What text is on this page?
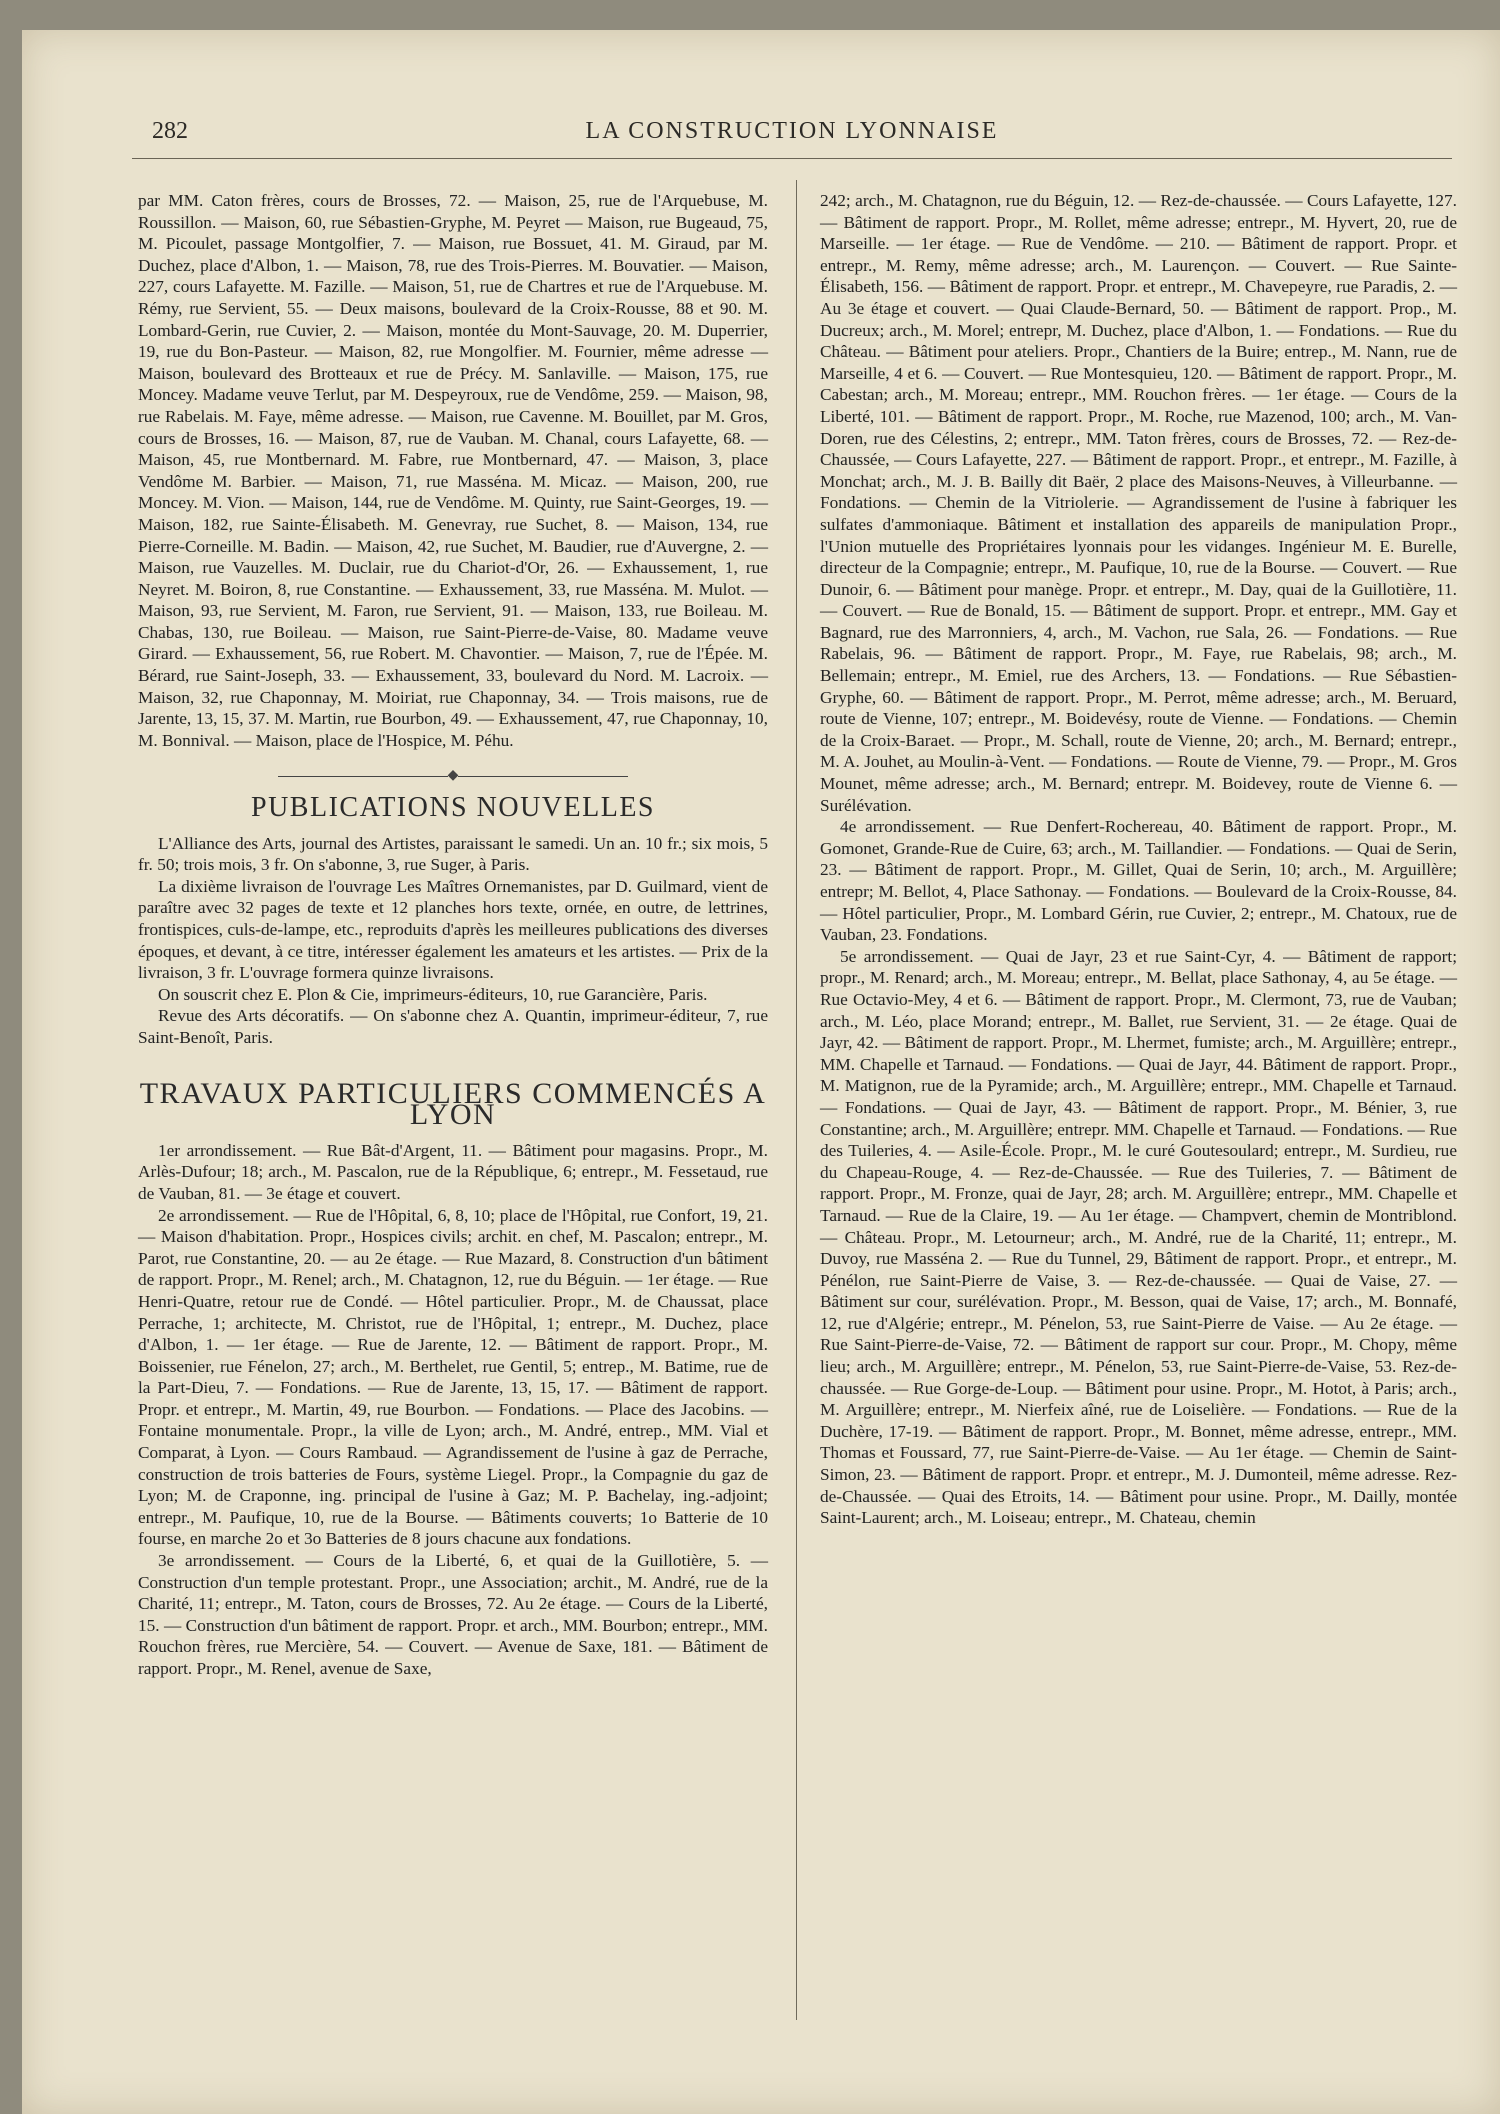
282	LA CONSTRUCTION LYONNAISE

par MM. Caton frères, cours de Brosses, 72. — Maison, 25, rue de l'Arquebuse, M. Roussillon. — Maison, 60, rue Sébastien-Gryphe, M. Peyret — Maison, rue Bugeaud, 75, M. Picoulet, passage Montgolfier, 7. — Maison, rue Bossuet, 41. M. Giraud, par M. Duchez, place d'Albon, 1. — Maison, 78, rue des Trois-Pierres. M. Bouvatier. — Maison, 227, cours Lafayette. M. Fazille. — Maison, 51, rue de Chartres et rue de l'Arquebuse. M. Rémy, rue Servient, 55. — Deux maisons, boulevard de la Croix-Rousse, 88 et 90. M. Lombard-Gerin, rue Cuvier, 2. — Maison, montée du Mont-Sauvage, 20. M. Duperrier, 19, rue du Bon-Pasteur. — Maison, 82, rue Mongolfier. M. Fournier, même adresse — Maison, boulevard des Brotteaux et rue de Précy. M. Sanlaville. — Maison, 175, rue Moncey. Madame veuve Terlut, par M. Despeyroux, rue de Vendôme, 259. — Maison, 98, rue Rabelais. M. Faye, même adresse. — Maison, rue Cavenne. M. Bouillet, par M. Gros, cours de Brosses, 16. — Maison, 87, rue de Vauban. M. Chanal, cours Lafayette, 68. — Maison, 45, rue Montbernard. M. Fabre, rue Montbernard, 47. — Maison, 3, place Vendôme M. Barbier. — Maison, 71, rue Masséna. M. Micaz. — Maison, 200, rue Moncey. M. Vion. — Maison, 144, rue de Vendôme. M. Quinty, rue Saint-Georges, 19. — Maison, 182, rue Sainte-Élisabeth. M. Genevray, rue Suchet, 8. — Maison, 134, rue Pierre-Corneille. M. Badin. — Maison, 42, rue Suchet, M. Baudier, rue d'Auvergne, 2. — Maison, rue Vauzelles. M. Duclair, rue du Chariot-d'Or, 26. — Exhaussement, 1, rue Neyret. M. Boiron, 8, rue Constantine. — Exhaussement, 33, rue Masséna. M. Mulot. — Maison, 93, rue Servient, M. Faron, rue Servient, 91. — Maison, 133, rue Boileau. M. Chabas, 130, rue Boileau. — Maison, rue Saint-Pierre-de-Vaise, 80. Madame veuve Girard. — Exhaussement, 56, rue Robert. M. Chavontier. — Maison, 7, rue de l'Épée. M. Bérard, rue Saint-Joseph, 33. — Exhaussement, 33, boulevard du Nord. M. Lacroix. — Maison, 32, rue Chaponnay, M. Moiriat, rue Chaponnay, 34. — Trois maisons, rue de Jarente, 13, 15, 37. M. Martin, rue Bourbon, 49. — Exhaussement, 47, rue Chaponnay, 10, M. Bonnival. — Maison, place de l'Hospice, M. Péhu.

◆
PUBLICATIONS NOUVELLES

L'Alliance des Arts, journal des Artistes, paraissant le samedi. Un an. 10 fr.; six mois, 5 fr. 50; trois mois, 3 fr. On s'abonne, 3, rue Suger, à Paris.

La dixième livraison de l'ouvrage Les Maîtres Ornemanistes, par D. Guilmard, vient de paraître avec 32 pages de texte et 12 planches hors texte, ornée, en outre, de lettrines, frontispices, culs-de-lampe, etc., reproduits d'après les meilleures publications des diverses époques, et devant, à ce titre, intéresser également les amateurs et les artistes. — Prix de la livraison, 3 fr. L'ouvrage formera quinze livraisons.

On souscrit chez E. Plon & Cie, imprimeurs-éditeurs, 10, rue Garancière, Paris.

Revue des Arts décoratifs. — On s'abonne chez A. Quantin, imprimeur-éditeur, 7, rue Saint-Benoît, Paris.

TRAVAUX PARTICULIERS COMMENCÉS A LYON

1er arrondissement. — Rue Bât-d'Argent, 11. — Bâtiment pour magasins. Propr., M. Arlès-Dufour; 18; arch., M. Pascalon, rue de la République, 6; entrepr., M. Fessetaud, rue de Vauban, 81. — 3e étage et couvert.

2e arrondissement. — Rue de l'Hôpital, 6, 8, 10; place de l'Hôpital, rue Confort, 19, 21. — Maison d'habitation. Propr., Hospices civils; archit. en chef, M. Pascalon; entrepr., M. Parot, rue Constantine, 20. — au 2e étage. — Rue Mazard, 8. Construction d'un bâtiment de rapport. Propr., M. Renel; arch., M. Chatagnon, 12, rue du Béguin. — 1er étage. — Rue Henri-Quatre, retour rue de Condé. — Hôtel particulier. Propr., M. de Chaussat, place Perrache, 1; architecte, M. Christot, rue de l'Hôpital, 1; entrepr., M. Duchez, place d'Albon, 1. — 1er étage. — Rue de Jarente, 12. — Bâtiment de rapport. Propr., M. Boissenier, rue Fénelon, 27; arch., M. Berthelet, rue Gentil, 5; entrep., M. Batime, rue de la Part-Dieu, 7. — Fondations. — Rue de Jarente, 13, 15, 17. — Bâtiment de rapport. Propr. et entrepr., M. Martin, 49, rue Bourbon. — Fondations. — Place des Jacobins. — Fontaine monumentale. Propr., la ville de Lyon; arch., M. André, entrep., MM. Vial et Comparat, à Lyon. — Cours Rambaud. — Agrandissement de l'usine à gaz de Perrache, construction de trois batteries de Fours, système Liegel. Propr., la Compagnie du gaz de Lyon; M. de Craponne, ing. principal de l'usine à Gaz; M. P. Bachelay, ing.-adjoint; entrepr., M. Paufique, 10, rue de la Bourse. — Bâtiments couverts; 1o Batterie de 10 fourse, en marche 2o et 3o Batteries de 8 jours chacune aux fondations.

3e arrondissement. — Cours de la Liberté, 6, et quai de la Guillotière, 5. — Construction d'un temple protestant. Propr., une Association; archit., M. André, rue de la Charité, 11; entrepr., M. Taton, cours de Brosses, 72. Au 2e étage. — Cours de la Liberté, 15. — Construction d'un bâtiment de rapport. Propr. et arch., MM. Bourbon; entrepr., MM. Rouchon frères, rue Mercière, 54. — Couvert. — Avenue de Saxe, 181. — Bâtiment de rapport. Propr., M. Renel, avenue de Saxe,

242; arch., M. Chatagnon, rue du Béguin, 12. — Rez-de-chaussée. — Cours Lafayette, 127. — Bâtiment de rapport. Propr., M. Rollet, même adresse; entrepr., M. Hyvert, 20, rue de Marseille. — 1er étage. — Rue de Vendôme. — 210. — Bâtiment de rapport. Propr. et entrepr., M. Remy, même adresse; arch., M. Laurençon. — Couvert. — Rue Sainte-Élisabeth, 156. — Bâtiment de rapport. Propr. et entrepr., M. Chavepeyre, rue Paradis, 2. — Au 3e étage et couvert. — Quai Claude-Bernard, 50. — Bâtiment de rapport. Prop., M. Ducreux; arch., M. Morel; entrepr, M. Duchez, place d'Albon, 1. — Fondations. — Rue du Château. — Bâtiment pour ateliers. Propr., Chantiers de la Buire; entrep., M. Nann, rue de Marseille, 4 et 6. — Couvert. — Rue Montesquieu, 120. — Bâtiment de rapport. Propr., M. Cabestan; arch., M. Moreau; entrepr., MM. Rouchon frères. — 1er étage. — Cours de la Liberté, 101. — Bâtiment de rapport. Propr., M. Roche, rue Mazenod, 100; arch., M. Van-Doren, rue des Célestins, 2; entrepr., MM. Taton frères, cours de Brosses, 72. — Rez-de-Chaussée, — Cours Lafayette, 227. — Bâtiment de rapport. Propr., et entrepr., M. Fazille, à Monchat; arch., M. J. B. Bailly dit Baër, 2 place des Maisons-Neuves, à Villeurbanne. — Fondations. — Chemin de la Vitriolerie. — Agrandissement de l'usine à fabriquer les sulfates d'ammoniaque. Bâtiment et installation des appareils de manipulation Propr., l'Union mutuelle des Propriétaires lyonnais pour les vidanges. Ingénieur M. E. Burelle, directeur de la Compagnie; entrepr., M. Paufique, 10, rue de la Bourse. — Couvert. — Rue Dunoir, 6. — Bâtiment pour manège. Propr. et entrepr., M. Day, quai de la Guillotière, 11. — Couvert. — Rue de Bonald, 15. — Bâtiment de support. Propr. et entrepr., MM. Gay et Bagnard, rue des Marronniers, 4, arch., M. Vachon, rue Sala, 26. — Fondations. — Rue Rabelais, 96. — Bâtiment de rapport. Propr., M. Faye, rue Rabelais, 98; arch., M. Bellemain; entrepr., M. Emiel, rue des Archers, 13. — Fondations. — Rue Sébastien-Gryphe, 60. — Bâtiment de rapport. Propr., M. Perrot, même adresse; arch., M. Beruard, route de Vienne, 107; entrepr., M. Boidevésy, route de Vienne. — Fondations. — Chemin de la Croix-Baraet. — Propr., M. Schall, route de Vienne, 20; arch., M. Bernard; entrepr., M. A. Jouhet, au Moulin-à-Vent. — Fondations. — Route de Vienne, 79. — Propr., M. Gros Mounet, même adresse; arch., M. Bernard; entrepr. M. Boidevey, route de Vienne 6. — Surélévation.

4e arrondissement. — Rue Denfert-Rochereau, 40. Bâtiment de rapport. Propr., M. Gomonet, Grande-Rue de Cuire, 63; arch., M. Taillandier. — Fondations. — Quai de Serin, 23. — Bâtiment de rapport. Propr., M. Gillet, Quai de Serin, 10; arch., M. Arguillère; entrepr; M. Bellot, 4, Place Sathonay. — Fondations. — Boulevard de la Croix-Rousse, 84. — Hôtel particulier, Propr., M. Lombard Gérin, rue Cuvier, 2; entrepr., M. Chatoux, rue de Vauban, 23. Fondations.

5e arrondissement. — Quai de Jayr, 23 et rue Saint-Cyr, 4. — Bâtiment de rapport; propr., M. Renard; arch., M. Moreau; entrepr., M. Bellat, place Sathonay, 4, au 5e étage. — Rue Octavio-Mey, 4 et 6. — Bâtiment de rapport. Propr., M. Clermont, 73, rue de Vauban; arch., M. Léo, place Morand; entrepr., M. Ballet, rue Servient, 31. — 2e étage. Quai de Jayr, 42. — Bâtiment de rapport. Propr., M. Lhermet, fumiste; arch., M. Arguillère; entrepr., MM. Chapelle et Tarnaud. — Fondations. — Quai de Jayr, 44. Bâtiment de rapport. Propr., M. Matignon, rue de la Pyramide; arch., M. Arguillère; entrepr., MM. Chapelle et Tarnaud. — Fondations. — Quai de Jayr, 43. — Bâtiment de rapport. Propr., M. Bénier, 3, rue Constantine; arch., M. Arguillère; entrepr. MM. Chapelle et Tarnaud. — Fondations. — Rue des Tuileries, 4. — Asile-École. Propr., M. le curé Goutesoulard; entrepr., M. Surdieu, rue du Chapeau-Rouge, 4. — Rez-de-Chaussée. — Rue des Tuileries, 7. — Bâtiment de rapport. Propr., M. Fronze, quai de Jayr, 28; arch. M. Arguillère; entrepr., MM. Chapelle et Tarnaud. — Rue de la Claire, 19. — Au 1er étage. — Champvert, chemin de Montriblond. — Château. Propr., M. Letourneur; arch., M. André, rue de la Charité, 11; entrepr., M. Duvoy, rue Masséna 2. — Rue du Tunnel, 29, Bâtiment de rapport. Propr., et entrepr., M. Pénélon, rue Saint-Pierre de Vaise, 3. — Rez-de-chaussée. — Quai de Vaise, 27. — Bâtiment sur cour, surélévation. Propr., M. Besson, quai de Vaise, 17; arch., M. Bonnafé, 12, rue d'Algérie; entrepr., M. Pénelon, 53, rue Saint-Pierre de Vaise. — Au 2e étage. — Rue Saint-Pierre-de-Vaise, 72. — Bâtiment de rapport sur cour. Propr., M. Chopy, même lieu; arch., M. Arguillère; entrepr., M. Pénelon, 53, rue Saint-Pierre-de-Vaise, 53. Rez-de-chaussée. — Rue Gorge-de-Loup. — Bâtiment pour usine. Propr., M. Hotot, à Paris; arch., M. Arguillère; entrepr., M. Nierfeix aîné, rue de Loiselière. — Fondations. — Rue de la Duchère, 17-19. — Bâtiment de rapport. Propr., M. Bonnet, même adresse, entrepr., MM. Thomas et Foussard, 77, rue Saint-Pierre-de-Vaise. — Au 1er étage. — Chemin de Saint-Simon, 23. — Bâtiment de rapport. Propr. et entrepr., M. J. Dumonteil, même adresse. Rez-de-Chaussée. — Quai des Etroits, 14. — Bâtiment pour usine. Propr., M. Dailly, montée Saint-Laurent; arch., M. Loiseau; entrepr., M. Chateau, chemin
